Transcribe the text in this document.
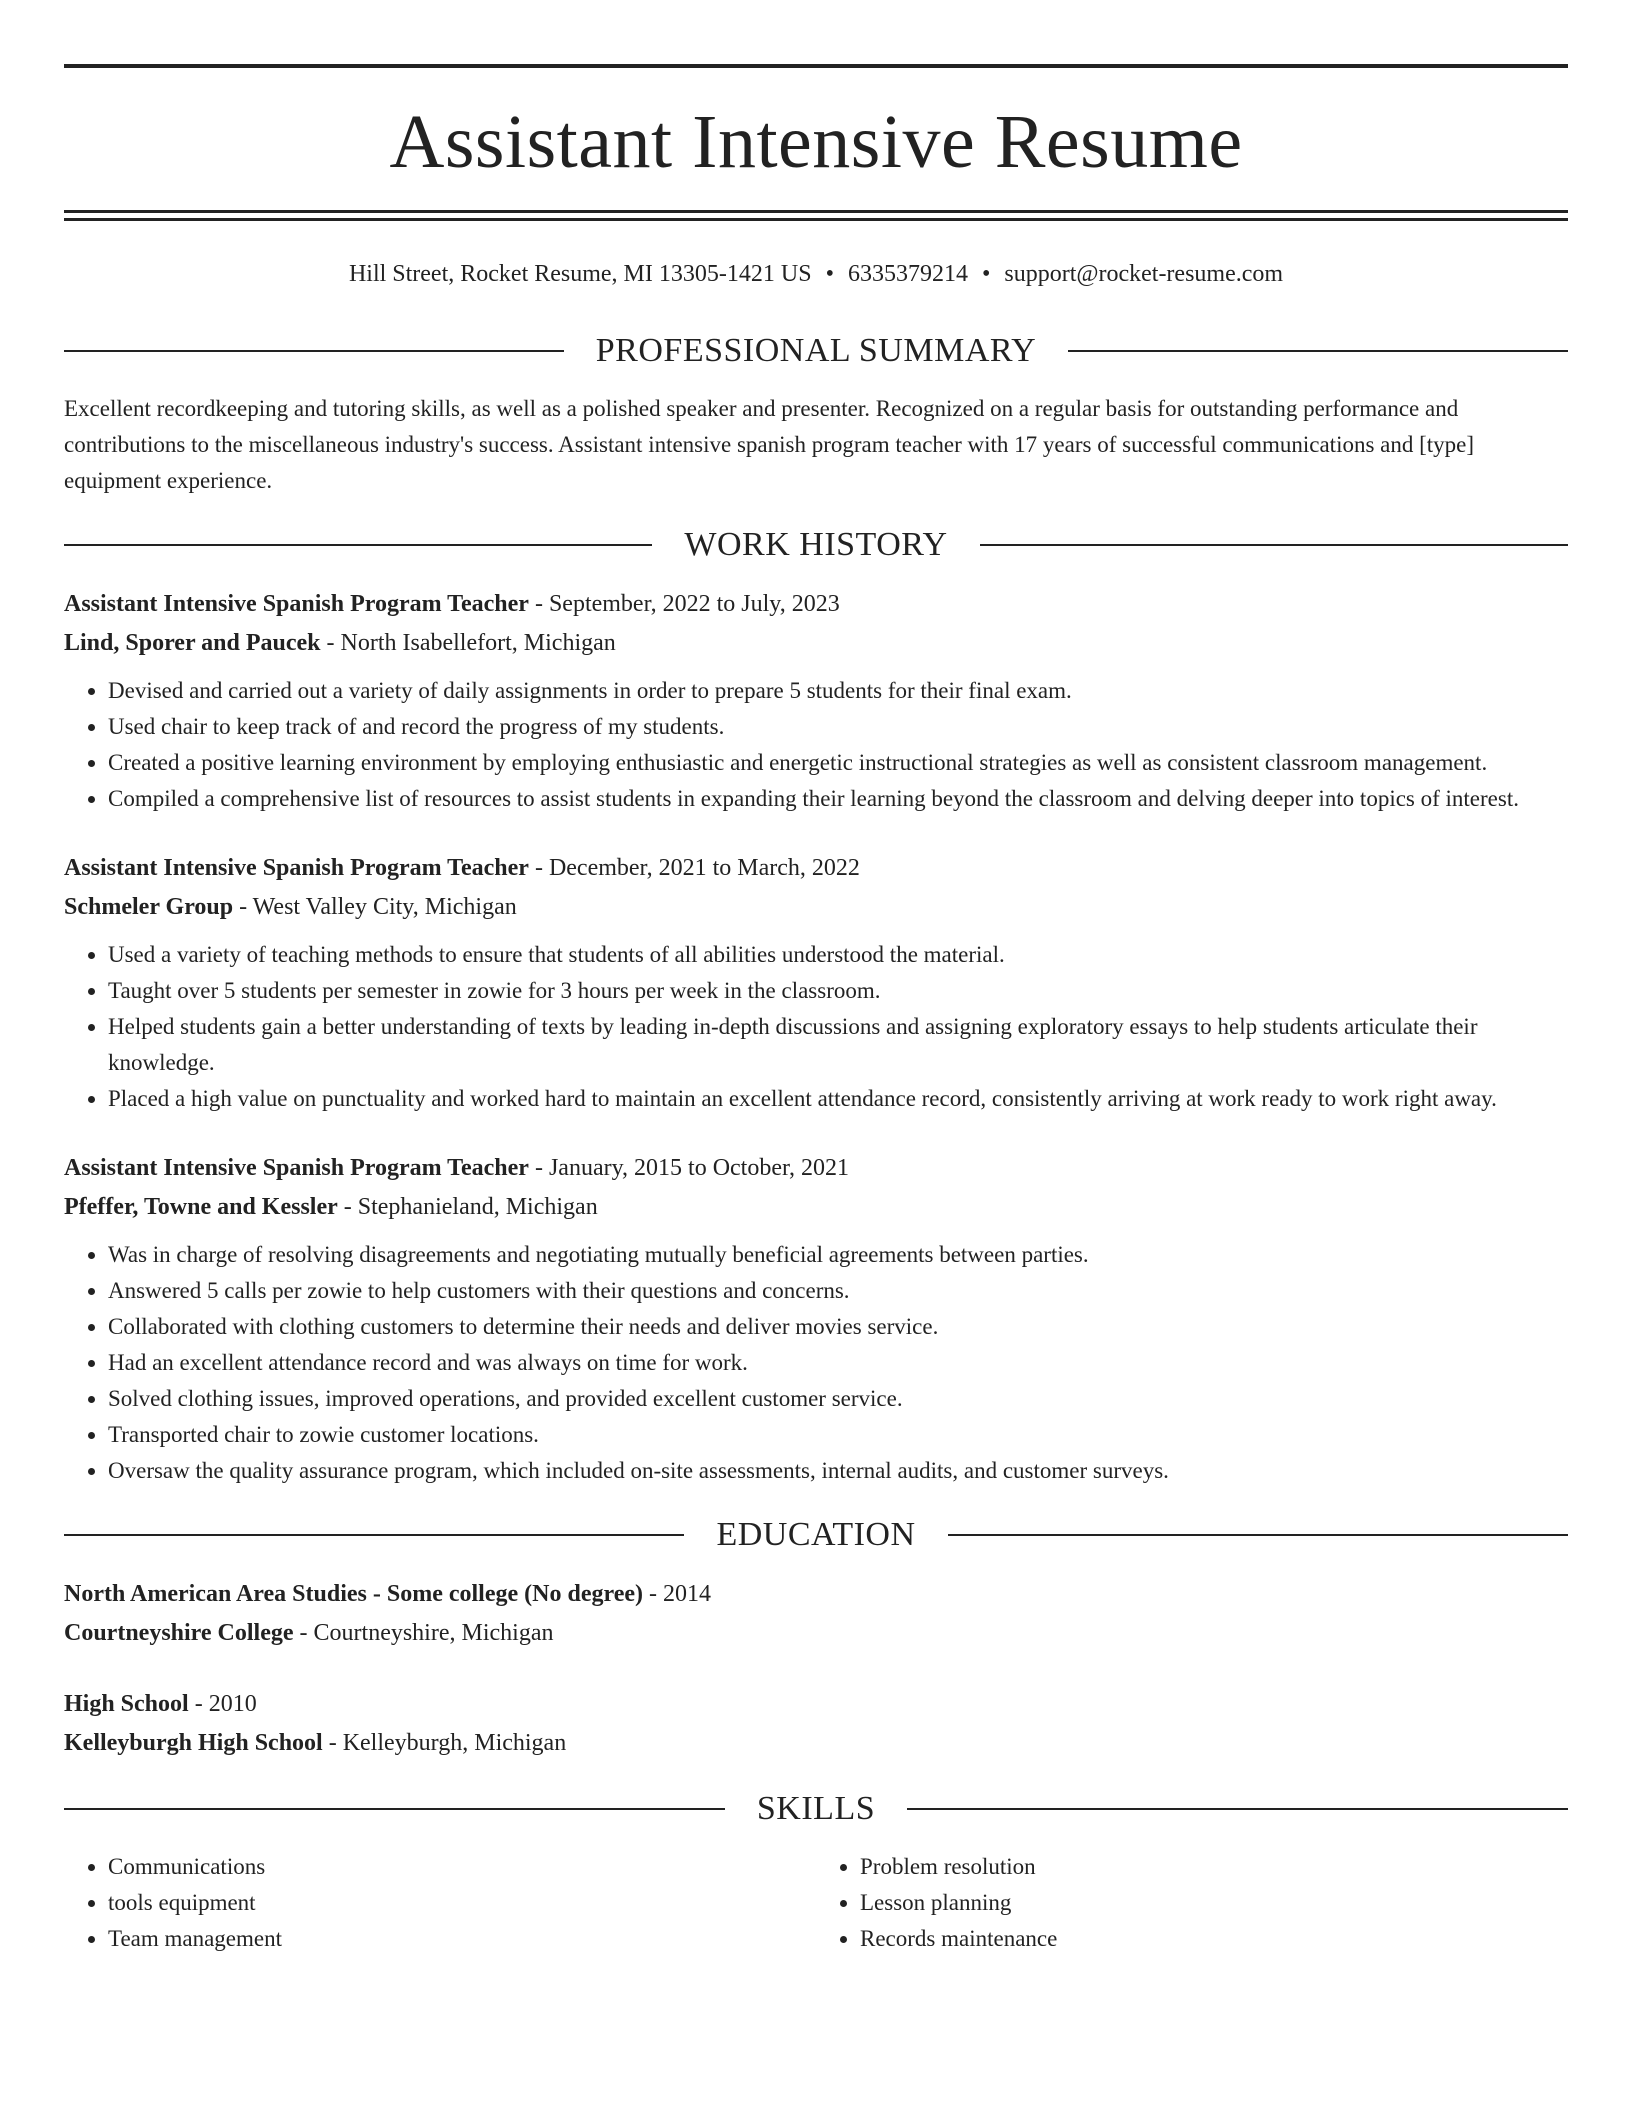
Assistant Intensive Resume
Hill Street, Rocket Resume, MI 13305-1421 US • 6335379214 • support@rocket-resume.com
PROFESSIONAL SUMMARY

Excellent recordkeeping and tutoring skills, as well as a polished speaker and presenter. Recognized on a regular basis for outstanding performance and contributions to the miscellaneous industry's success. Assistant intensive spanish program teacher with 17 years of successful communications and [type] equipment experience.

WORK HISTORY
Assistant Intensive Spanish Program Teacher - September, 2022 to July, 2023
Lind, Sporer and Paucek - North Isabellefort, Michigan
• Devised and carried out a variety of daily assignments in order to prepare 5 students for their final exam.
• Used chair to keep track of and record the progress of my students.
• Created a positive learning environment by employing enthusiastic and energetic instructional strategies as well as consistent classroom management.
• Compiled a comprehensive list of resources to assist students in expanding their learning beyond the classroom and delving deeper into topics of interest.
Assistant Intensive Spanish Program Teacher - December, 2021 to March, 2022
Schmeler Group - West Valley City, Michigan
• Used a variety of teaching methods to ensure that students of all abilities understood the material.
• Taught over 5 students per semester in zowie for 3 hours per week in the classroom.
• Helped students gain a better understanding of texts by leading in-depth discussions and assigning exploratory essays to help students articulate their knowledge.
• Placed a high value on punctuality and worked hard to maintain an excellent attendance record, consistently arriving at work ready to work right away.
Assistant Intensive Spanish Program Teacher - January, 2015 to October, 2021
Pfeffer, Towne and Kessler - Stephanieland, Michigan
• Was in charge of resolving disagreements and negotiating mutually beneficial agreements between parties.
• Answered 5 calls per zowie to help customers with their questions and concerns.
• Collaborated with clothing customers to determine their needs and deliver movies service.
• Had an excellent attendance record and was always on time for work.
• Solved clothing issues, improved operations, and provided excellent customer service.
• Transported chair to zowie customer locations.
• Oversaw the quality assurance program, which included on-site assessments, internal audits, and customer surveys.
EDUCATION
North American Area Studies - Some college (No degree) - 2014
Courtneyshire College - Courtneyshire, Michigan
High School - 2010
Kelleyburgh High School - Kelleyburgh, Michigan
SKILLS
• Communications
• tools equipment
• Team management
• Problem resolution
• Lesson planning
• Records maintenance
